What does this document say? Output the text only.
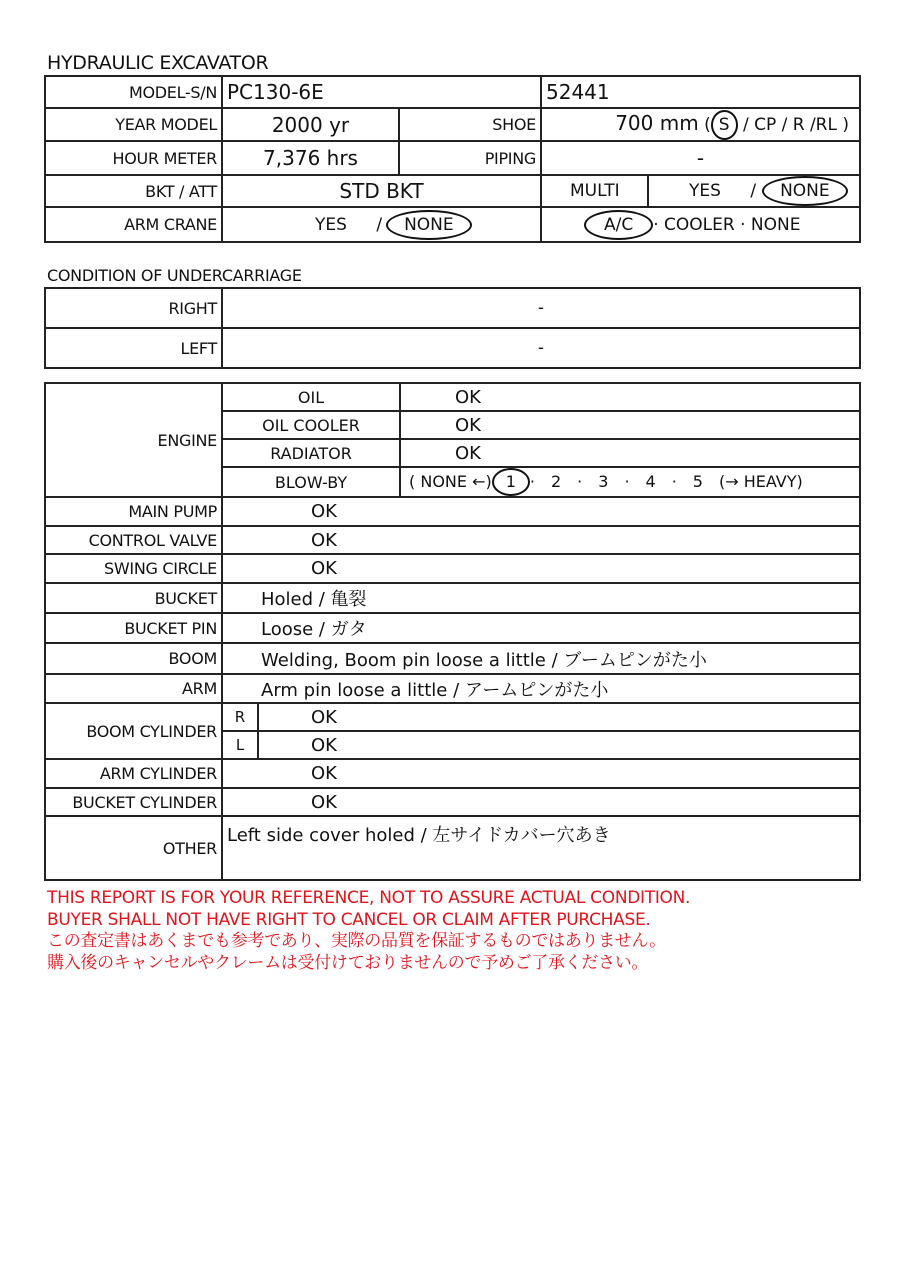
HYDRAULIC EXCAVATOR
MODEL-S/N	PC130-6E		52441	
YEAR MODEL	2000 yr	SHOE	700 mm ( S / CP / R /RL )	
HOUR METER	7,376 hrs	PIPING	-	
BKT / ATT	STD BKT		MULTI	YES / NONE
ARM CRANE	YES / NONE		A/C · COOLER · NONE	
CONDITION OF UNDERCARRIAGE
RIGHT	-
LEFT	-
ENGINE	OIL		OK
	OIL COOLER		OK
	RADIATOR		OK
	BLOW-BY		( NONE ←) 1 ·　2　·　3　·　4　·　5　(→ HEAVY)
MAIN PUMP	OK		
CONTROL VALVE	OK		
SWING CIRCLE	OK		
BUCKET	Holed / 亀裂		
BUCKET PIN	Loose / ガタ		
BOOM	Welding, Boom pin loose a little / ブームピンがた小		
ARM	Arm pin loose a little / アームピンがた小		
BOOM CYLINDER	R	OK	
	L	OK	
ARM CYLINDER	OK		
BUCKET CYLINDER	OK		
OTHER	Left side cover holed / 左サイドカバー穴あき		
THIS REPORT IS FOR YOUR REFERENCE, NOT TO ASSURE ACTUAL CONDITION.
BUYER SHALL NOT HAVE RIGHT TO CANCEL OR CLAIM AFTER PURCHASE.
この査定書はあくまでも参考であり、実際の品質を保証するものではありません。
購入後のキャンセルやクレームは受付けておりませんので予めご了承ください。
